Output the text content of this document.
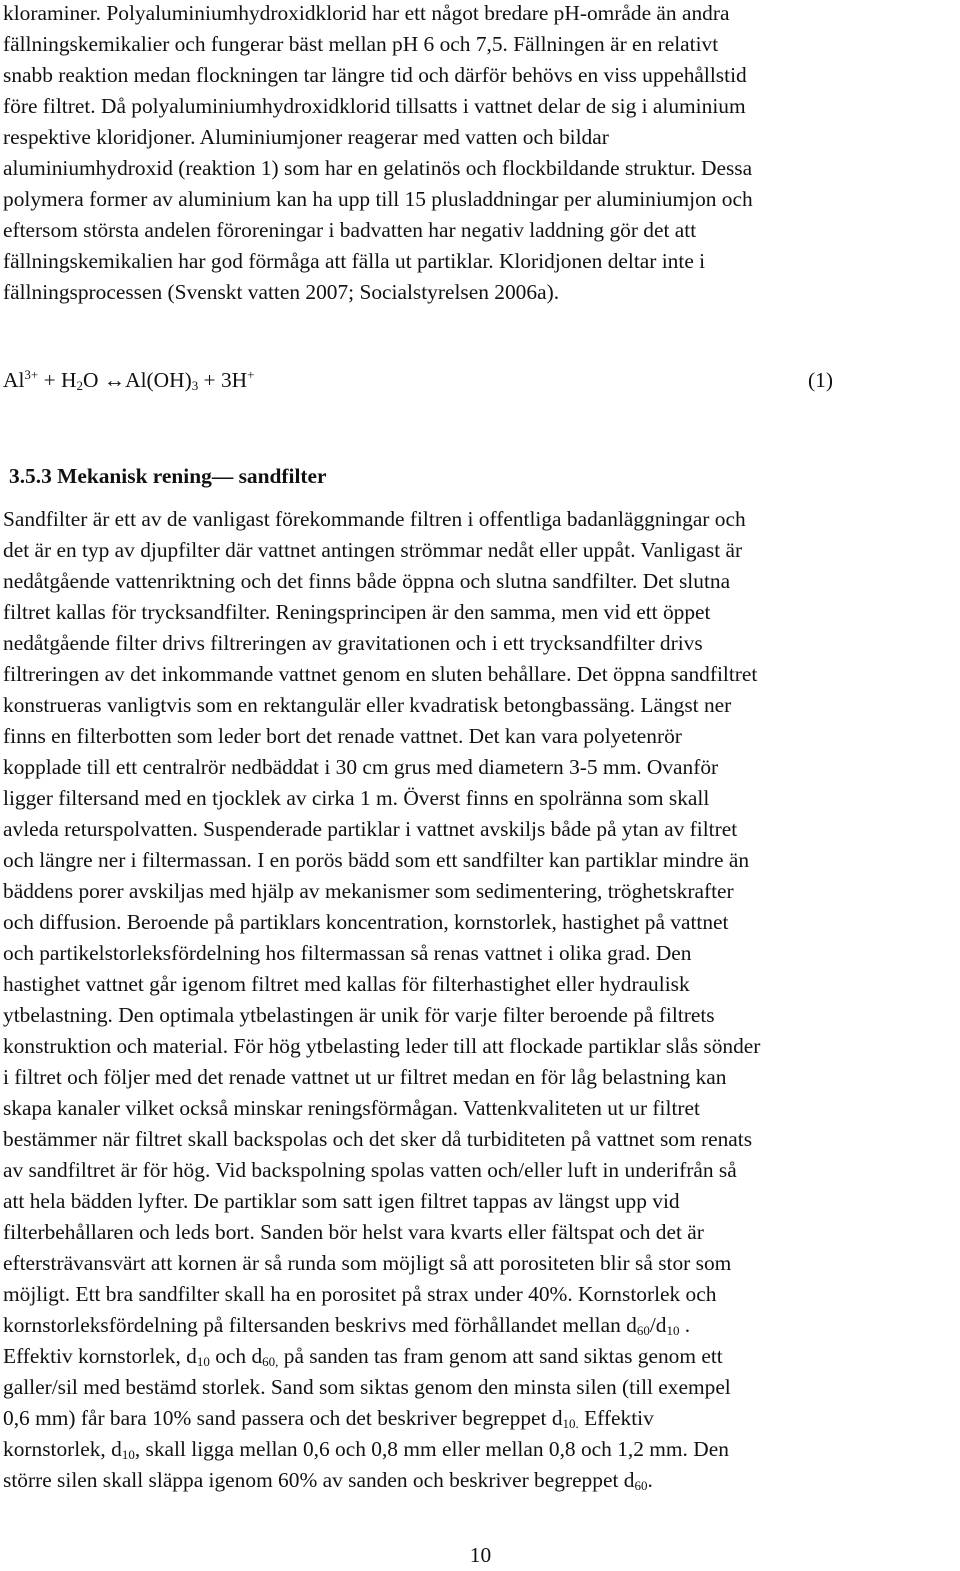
kloraminer. Polyaluminiumhydroxidklorid har ett något bredare pH-område än andra
fällningskemikalier och fungerar bäst mellan pH 6 och 7,5. Fällningen är en relativt
snabb reaktion medan flockningen tar längre tid och därför behövs en viss uppehållstid
före filtret. Då polyaluminiumhydroxidklorid tillsatts i vattnet delar de sig i aluminium
respektive kloridjoner. Aluminiumjoner reagerar med vatten och bildar
aluminiumhydroxid (reaktion 1) som har en gelatinös och flockbildande struktur. Dessa
polymera former av aluminium kan ha upp till 15 plusladdningar per aluminiumjon och
eftersom största andelen föroreningar i badvatten har negativ laddning gör det att
fällningskemikalien har god förmåga att fälla ut partiklar. Kloridjonen deltar inte i
fällningsprocessen (Svenskt vatten 2007; Socialstyrelsen 2006a).
$Al^{3+} + H_2O$ $\leftrightarrow Al(OH)_3 + 3H^+$	(1)
3.5.3 Mekanisk rening— sandfilter
Sandfilter är ett av de vanligast förekommande filtren i offentliga badanläggningar och
det är en typ av djupfilter där vattnet antingen strömmar nedåt eller uppåt. Vanligast är
nedåtgående vattenriktning och det finns både öppna och slutna sandfilter. Det slutna
filtret kallas för trycksandfilter. Reningsprincipen är den samma, men vid ett öppet
nedåtgående filter drivs filtreringen av gravitationen och i ett trycksandfilter drivs
filtreringen av det inkommande vattnet genom en sluten behållare. Det öppna sandfiltret
konstrueras vanligtvis som en rektangulär eller kvadratisk betongbassäng. Längst ner
finns en filterbotten som leder bort det renade vattnet. Det kan vara polyetenrör
kopplade till ett centralrör nedbäddat i 30 cm grus med diametern 3-5 mm. Ovanför
ligger filtersand med en tjocklek av cirka 1 m. Överst finns en spolränna som skall
avleda returspolvatten. Suspenderade partiklar i vattnet avskiljs både på ytan av filtret
och längre ner i filtermassan. I en porös bädd som ett sandfilter kan partiklar mindre än
bäddens porer avskiljas med hjälp av mekanismer som sedimentering, tröghetskrafter
och diffusion. Beroende på partiklars koncentration, kornstorlek, hastighet på vattnet
och partikelstorleksfördelning hos filtermassan så renas vattnet i olika grad. Den
hastighet vattnet går igenom filtret med kallas för filterhastighet eller hydraulisk
ytbelastning. Den optimala ytbelastingen är unik för varje filter beroende på filtrets
konstruktion och material. För hög ytbelasting leder till att flockade partiklar slås sönder
i filtret och följer med det renade vattnet ut ur filtret medan en för låg belastning kan
skapa kanaler vilket också minskar reningsförmågan. Vattenkvaliteten ut ur filtret
bestämmer när filtret skall backspolas och det sker då turbiditeten på vattnet som renats
av sandfiltret är för hög. Vid backspolning spolas vatten och/eller luft in underifrån så
att hela bädden lyfter. De partiklar som satt igen filtret tappas av längst upp vid
filterbehållaren och leds bort. Sanden bör helst vara kvarts eller fältspat och det är
eftersträvansvärt att kornen är så runda som möjligt så att porositeten blir så stor som
möjligt. Ett bra sandfilter skall ha en porositet på strax under 40%. Kornstorlek och
kornstorleksfördelning på filtersanden beskrivs med förhållandet mellan $d_{60}/d_{10}$ .
Effektiv kornstorlek, $d_{10}$ och $d_{60,}$ på sanden tas fram genom att sand siktas genom ett
galler/sil med bestämd storlek. Sand som siktas genom den minsta silen (till exempel
0,6 mm) får bara 10% sand passera och det beskriver begreppet $d_{10.}$ Effektiv
kornstorlek, $d_{10}$, skall ligga mellan 0,6 och 0,8 mm eller mellan 0,8 och 1,2 mm. Den
större silen skall släppa igenom 60% av sanden och beskriver begreppet $d_{60}$.
10
